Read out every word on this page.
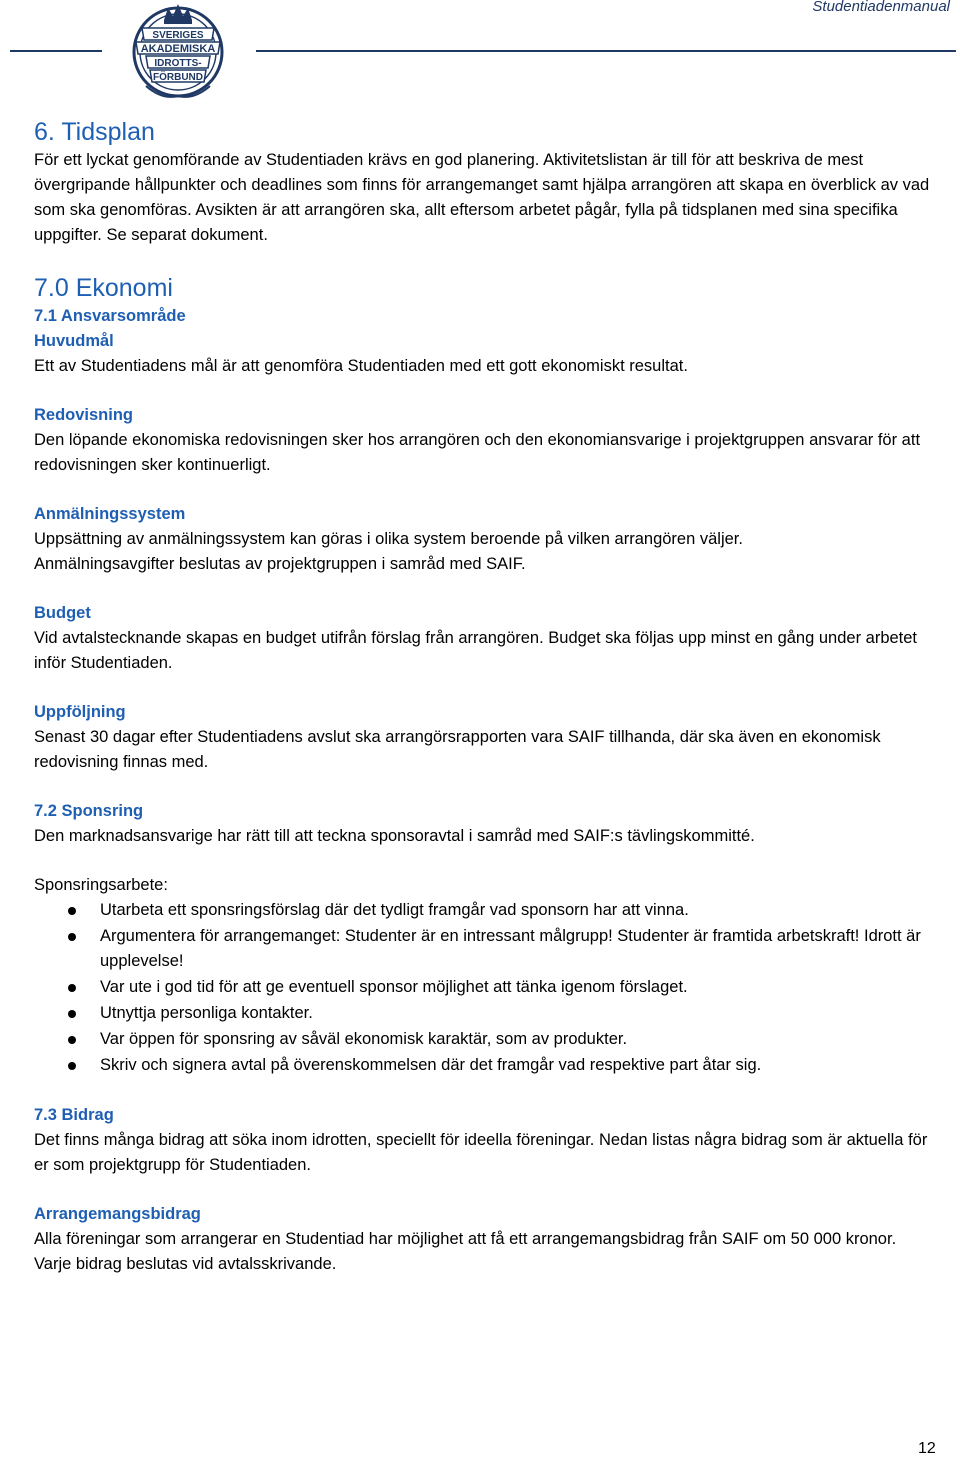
Studentiadenmanual
SVERIGES
AKADEMISKA
IDROTTS-
FÖRBUND
6. Tidsplan

För ett lyckat genomförande av Studentiaden krävs en god planering. Aktivitetslistan är till för att beskriva de mest övergripande hållpunkter och deadlines som finns för arrangemanget samt hjälpa arrangören att skapa en överblick av vad som ska genomföras. Avsikten är att arrangören ska, allt eftersom arbetet pågår, fylla på tidsplanen med sina specifika uppgifter. Se separat dokument.

7.0 Ekonomi
7.1 Ansvarsområde
Huvudmål

Ett av Studentiadens mål är att genomföra Studentiaden med ett gott ekonomiskt resultat.

Redovisning

Den löpande ekonomiska redovisningen sker hos arrangören och den ekonomiansvarige i projektgruppen ansvarar för att redovisningen sker kontinuerligt.

Anmälningssystem

Uppsättning av anmälningssystem kan göras i olika system beroende på vilken arrangören väljer.

Anmälningsavgifter beslutas av projektgruppen i samråd med SAIF.

Budget

Vid avtalstecknande skapas en budget utifrån förslag från arrangören. Budget ska följas upp minst en gång under arbetet inför Studentiaden.

Uppföljning

Senast 30 dagar efter Studentiadens avslut ska arrangörsrapporten vara SAIF tillhanda, där ska även en ekonomisk redovisning finnas med.

7.2 Sponsring

Den marknadsansvarige har rätt till att teckna sponsoravtal i samråd med SAIF:s tävlingskommitté.

Sponsringsarbete:

Utarbeta ett sponsringsförslag där det tydligt framgår vad sponsorn har att vinna.
Argumentera för arrangemanget: Studenter är en intressant målgrupp! Studenter är framtida arbetskraft! Idrott är upplevelse!
Var ute i god tid för att ge eventuell sponsor möjlighet att tänka igenom förslaget.
Utnyttja personliga kontakter.
Var öppen för sponsring av såväl ekonomisk karaktär, som av produkter.
Skriv och signera avtal på överenskommelsen där det framgår vad respektive part åtar sig.
7.3 Bidrag

Det finns många bidrag att söka inom idrotten, speciellt för ideella föreningar. Nedan listas några bidrag som är aktuella för er som projektgrupp för Studentiaden.

Arrangemangsbidrag

Alla föreningar som arrangerar en Studentiad har möjlighet att få ett arrangemangsbidrag från SAIF om 50 000 kronor. Varje bidrag beslutas vid avtalsskrivande.

12
